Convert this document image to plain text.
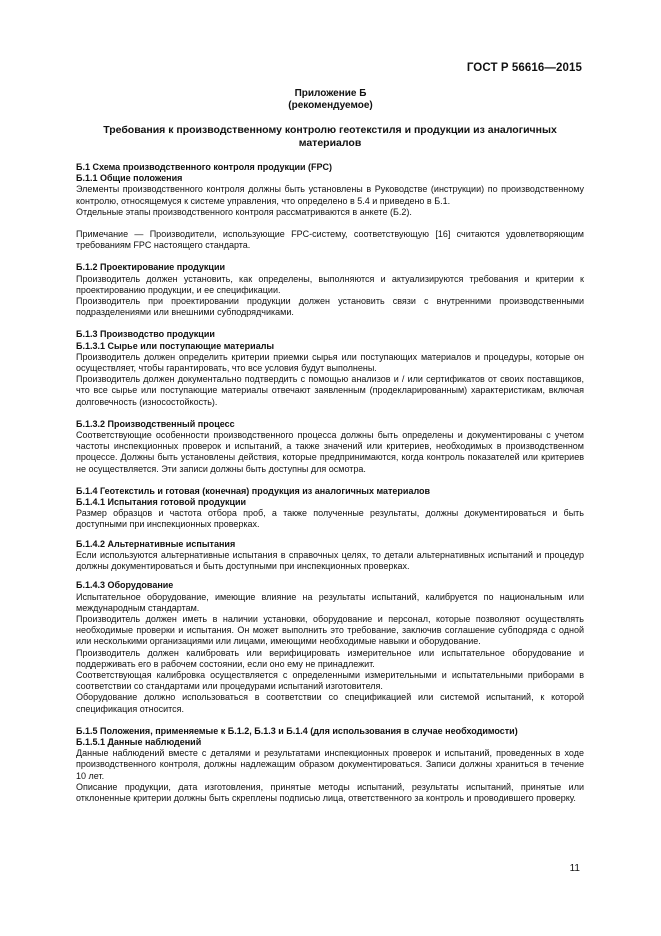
ГОСТ Р 56616—2015
Приложение Б
(рекомендуемое)
Требования к производственному контролю геотекстиля и продукции из аналогичных материалов
Б.1 Схема производственного контроля продукции (FPC)
Б.1.1 Общие положения

Элементы производственного контроля должны быть установлены в Руководстве (инструкции) по производственному контролю, относящемуся к системе управления, что определено в 5.4 и приведено в Б.1.

Отдельные этапы производственного контроля рассматриваются в анкете (Б.2).

Примечание — Производители, использующие FPC-систему, соответствующую [16] считаются удовлетворяющим требованиям FPC настоящего стандарта.

Б.1.2 Проектирование продукции

Производитель должен установить, как определены, выполняются и актуализируются требования и критерии к проектированию продукции, и ее спецификации.

Производитель при проектировании продукции должен установить связи с внутренними производственными подразделениями или внешними субподрядчиками.

Б.1.3 Производство продукции
Б.1.3.1 Сырье или поступающие материалы

Производитель должен определить критерии приемки сырья или поступающих материалов и процедуры, которые он осуществляет, чтобы гарантировать, что все условия будут выполнены.

Производитель должен документально подтвердить с помощью анализов и / или сертификатов от своих поставщиков, что все сырье или поступающие материалы отвечают заявленным (продекларированным) характеристикам, включая долговечность (износостойкость).

Б.1.3.2 Производственный процесс

Соответствующие особенности производственного процесса должны быть определены и документированы с учетом частоты инспекционных проверок и испытаний, а также значений или критериев, необходимых в производственном процессе. Должны быть установлены действия, которые предпринимаются, когда контроль показателей или критериев не осуществляется. Эти записи должны быть доступны для осмотра.

Б.1.4 Геотекстиль и готовая (конечная) продукция из аналогичных материалов
Б.1.4.1 Испытания готовой продукции

Размер образцов и частота отбора проб, а также полученные результаты, должны документироваться и быть доступными при инспекционных проверках.

Б.1.4.2 Альтернативные испытания

Если используются альтернативные испытания в справочных целях, то детали альтернативных испытаний и процедур должны документироваться и быть доступными при инспекционных проверках.

Б.1.4.3 Оборудование

Испытательное оборудование, имеющие влияние на результаты испытаний, калибруется по национальным или международным стандартам.

Производитель должен иметь в наличии установки, оборудование и персонал, которые позволяют осуществлять необходимые проверки и испытания. Он может выполнить это требование, заключив соглашение субподряда с одной или несколькими организациями или лицами, имеющими необходимые навыки и оборудование.

Производитель должен калибровать или верифицировать измерительное или испытательное оборудование и поддерживать его в рабочем состоянии, если оно ему не принадлежит.

Соответствующая калибровка осуществляется с определенными измерительными и испытательными приборами в соответствии со стандартами или процедурами испытаний изготовителя.

Оборудование должно использоваться в соответствии со спецификацией или системой испытаний, к которой спецификация относится.

Б.1.5 Положения, применяемые к Б.1.2, Б.1.3 и Б.1.4 (для использования в случае необходимости)
Б.1.5.1 Данные наблюдений

Данные наблюдений вместе с деталями и результатами инспекционных проверок и испытаний, проведенных в ходе производственного контроля, должны надлежащим образом документироваться. Записи должны храниться в течение 10 лет.

Описание продукции, дата изготовления, принятые методы испытаний, результаты испытаний, принятые или отклоненные критерии должны быть скреплены подписью лица, ответственного за контроль и проводившего проверку.

11
